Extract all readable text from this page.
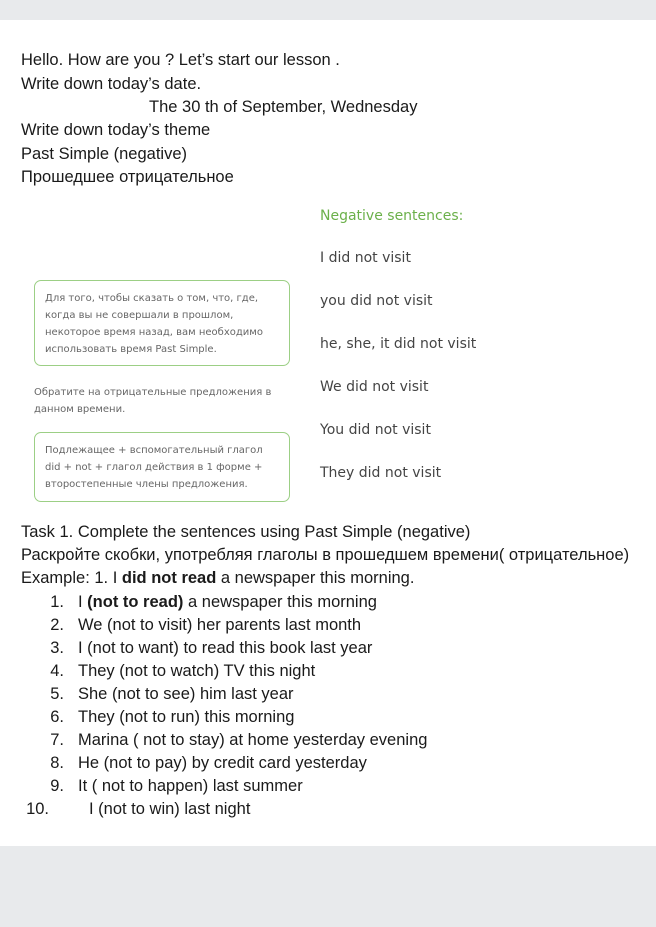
Hello. How are you ? Let’s start our lesson .
Write down today’s date.
The 30 th of September, Wednesday
Write down today’s theme
Past Simple (negative)
Прошедшее отрицательное
Negative sentences:
I did not visit
you did not visit
he, she, it did not visit
We did not visit
You did not visit
They did not visit
Для того, чтобы сказать о том, что, где, когда вы не совершали в прошлом, некоторое время назад, вам необходимо использовать время Past Simple.
Обратите на отрицательные предложения в данном времени.
Подлежащее + вспомогательный глагол did + not + глагол действия в 1 форме + второстепенные члены предложения.
Task 1. Complete the sentences using Past Simple (negative)
Раскройте скобки, употребляя глаголы в прошедшем времени( отрицательное)
Example: 1. I did not read a newspaper this morning.
1. I (not to read) a newspaper this morning
2. We (not to visit) her parents last month
3. I (not to want) to read this book last year
4. They (not to watch) TV this night
5. She (not to see) him last year
6. They (not to run) this morning
7. Marina ( not to stay) at home yesterday evening
8. He (not to pay) by credit card yesterday
9. It ( not to happen) last summer
10.	I (not to win) last night
